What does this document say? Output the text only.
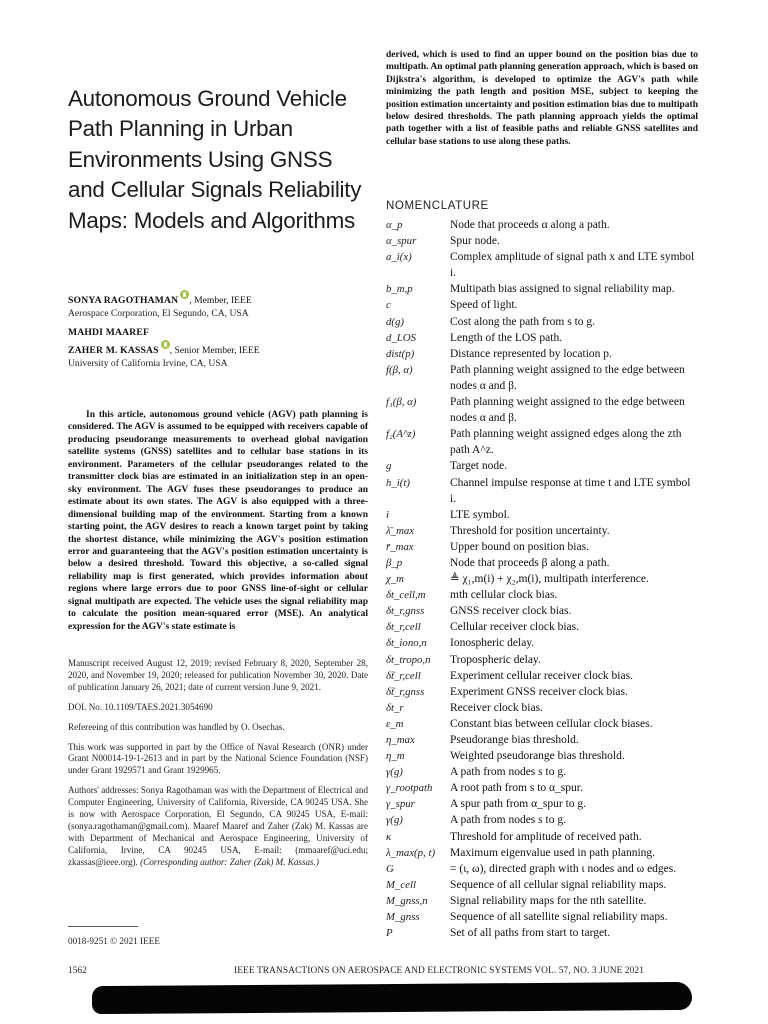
Autonomous Ground Vehicle Path Planning in Urban Environments Using GNSS and Cellular Signals Reliability Maps: Models and Algorithms
SONYA RAGOTHAMAN , Member, IEEE
Aerospace Corporation, El Segundo, CA, USA
MAHDI MAAREF
ZAHER M. KASSAS , Senior Member, IEEE
University of California Irvine, CA, USA
In this article, autonomous ground vehicle (AGV) path planning is considered. The AGV is assumed to be equipped with receivers capable of producing pseudorange measurements to overhead global navigation satellite systems (GNSS) satellites and to cellular base stations in its environment. Parameters of the cellular pseudoranges related to the transmitter clock bias are estimated in an initialization step in an open-sky environment. The AGV fuses these pseudoranges to produce an estimate about its own states. The AGV is also equipped with a three-dimensional building map of the environment. Starting from a known starting point, the AGV desires to reach a known target point by taking the shortest distance, while minimizing the AGV's position estimation error and guaranteeing that the AGV's position estimation uncertainty is below a desired threshold. Toward this objective, a so-called signal reliability map is first generated, which provides information about regions where large errors due to poor GNSS line-of-sight or cellular signal multipath are expected. The vehicle uses the signal reliability map to calculate the position mean-squared error (MSE). An analytical expression for the AGV's state estimate is

Manuscript received August 12, 2019; revised February 8, 2020, September 28, 2020, and November 19, 2020; released for publication November 30, 2020. Date of publication January 26, 2021; date of current version June 9, 2021.

DOI. No. 10.1109/TAES.2021.3054690

Refereeing of this contribution was handled by O. Osechas.

This work was supported in part by the Office of Naval Research (ONR) under Grant N00014-19-1-2613 and in part by the National Science Foundation (NSF) under Grant 1929571 and Grant 1929965.

Authors' addresses: Sonya Ragothaman was with the Department of Electrical and Computer Engineering, University of California, Riverside, CA 90245 USA. She is now with Aerospace Corporation, El Segundo, CA 90245 USA, E-mail: (sonya.ragothaman@gmail.com). Maaref Maaref and Zaher (Zak) M. Kassas are with Department of Mechanical and Aerospace Engineering, University of California, Irvine, CA 90245 USA, E-mail: (mmaaref@uci.edu; zkassas@ieee.org). (Corresponding author: Zaher (Zak) M. Kassas.)

0018-9251 © 2021 IEEE
1562	IEEE TRANSACTIONS ON AEROSPACE AND ELECTRONIC SYSTEMS VOL. 57, NO. 3 JUNE 2021
derived, which is used to find an upper bound on the position bias due to multipath. An optimal path planning generation approach, which is based on Dijkstra's algorithm, is developed to optimize the AGV's path while minimizing the path length and position MSE, subject to keeping the position estimation uncertainty and position estimation bias due to multipath below desired thresholds. The path planning approach yields the optimal path together with a list of feasible paths and reliable GNSS satellites and cellular base stations to use along these paths.
NOMENCLATURE
α_p	Node that proceeds α along a path.
α_spur	Spur node.
a_i(x)	Complex amplitude of signal path x and LTE symbol i.
b_m,p	Multipath bias assigned to signal reliability map.
c	Speed of light.
d(g)	Cost along the path from s to g.
d_LOS	Length of the LOS path.
dist(p)	Distance represented by location p.
f(β, α)	Path planning weight assigned to the edge between nodes α and β.
f₁(β, α)	Path planning weight assigned to the edge between nodes α and β.
f₂(A^z)	Path planning weight assigned edges along the zth path A^z.
g	Target node.
h_i(t)	Channel impulse response at time t and LTE symbol i.
i	LTE symbol.
λ̄_max	Threshold for position uncertainty.
r̄_max	Upper bound on position bias.
β_p	Node that proceeds β along a path.
χ_m	≜ χ₁,m(i) + χ₂,m(i), multipath interference.
δt_cell,m	mth cellular clock bias.
δt_r,gnss	GNSS receiver clock bias.
δt_r,cell	Cellular receiver clock bias.
δt_iono,n	Ionospheric delay.
δt_tropo,n	Tropospheric delay.
δt̃_r,cell	Experiment cellular receiver clock bias.
δt̃_r,gnss	Experiment GNSS receiver clock bias.
δt_r	Receiver clock bias.
ε_m	Constant bias between cellular clock biases.
η_max	Pseudorange bias threshold.
η_m	Weighted pseudorange bias threshold.
γ(g)	A path from nodes s to g.
γ_rootpath	A root path from s to α_spur.
γ_spur	A spur path from α_spur to g.
γ(g)	A path from nodes s to g.
κ	Threshold for amplitude of received path.
λ_max(p, t)	Maximum eigenvalue used in path planning.
G	= (ι, ω), directed graph with ι nodes and ω edges.
M_cell	Sequence of all cellular signal reliability maps.
M_gnss,n	Signal reliability maps for the nth satellite.
M_gnss	Sequence of all satellite signal reliability maps.
P	Set of all paths from start to target.
